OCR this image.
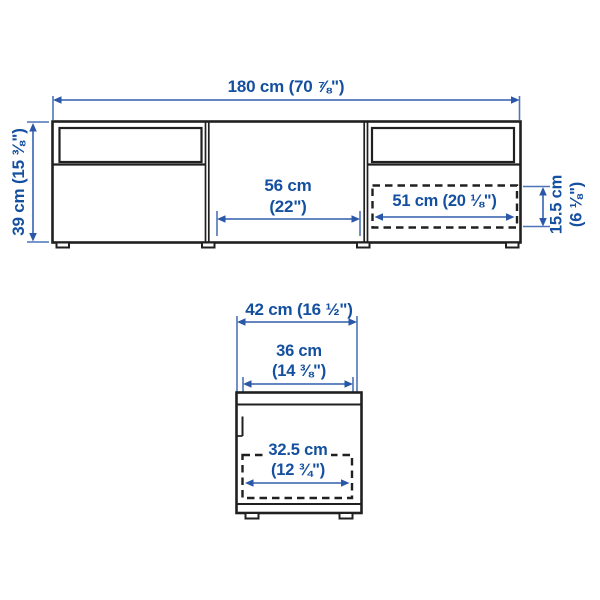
180 cm (70 ⅞")
39 cm (15 ⅜")	56 cm
(22")	51 cm (20 ⅛")	15.5 cm (6 ⅛")
42 cm (16 ½")
36 cm
(14 ⅜")
32.5 cm
(12 ¾")
